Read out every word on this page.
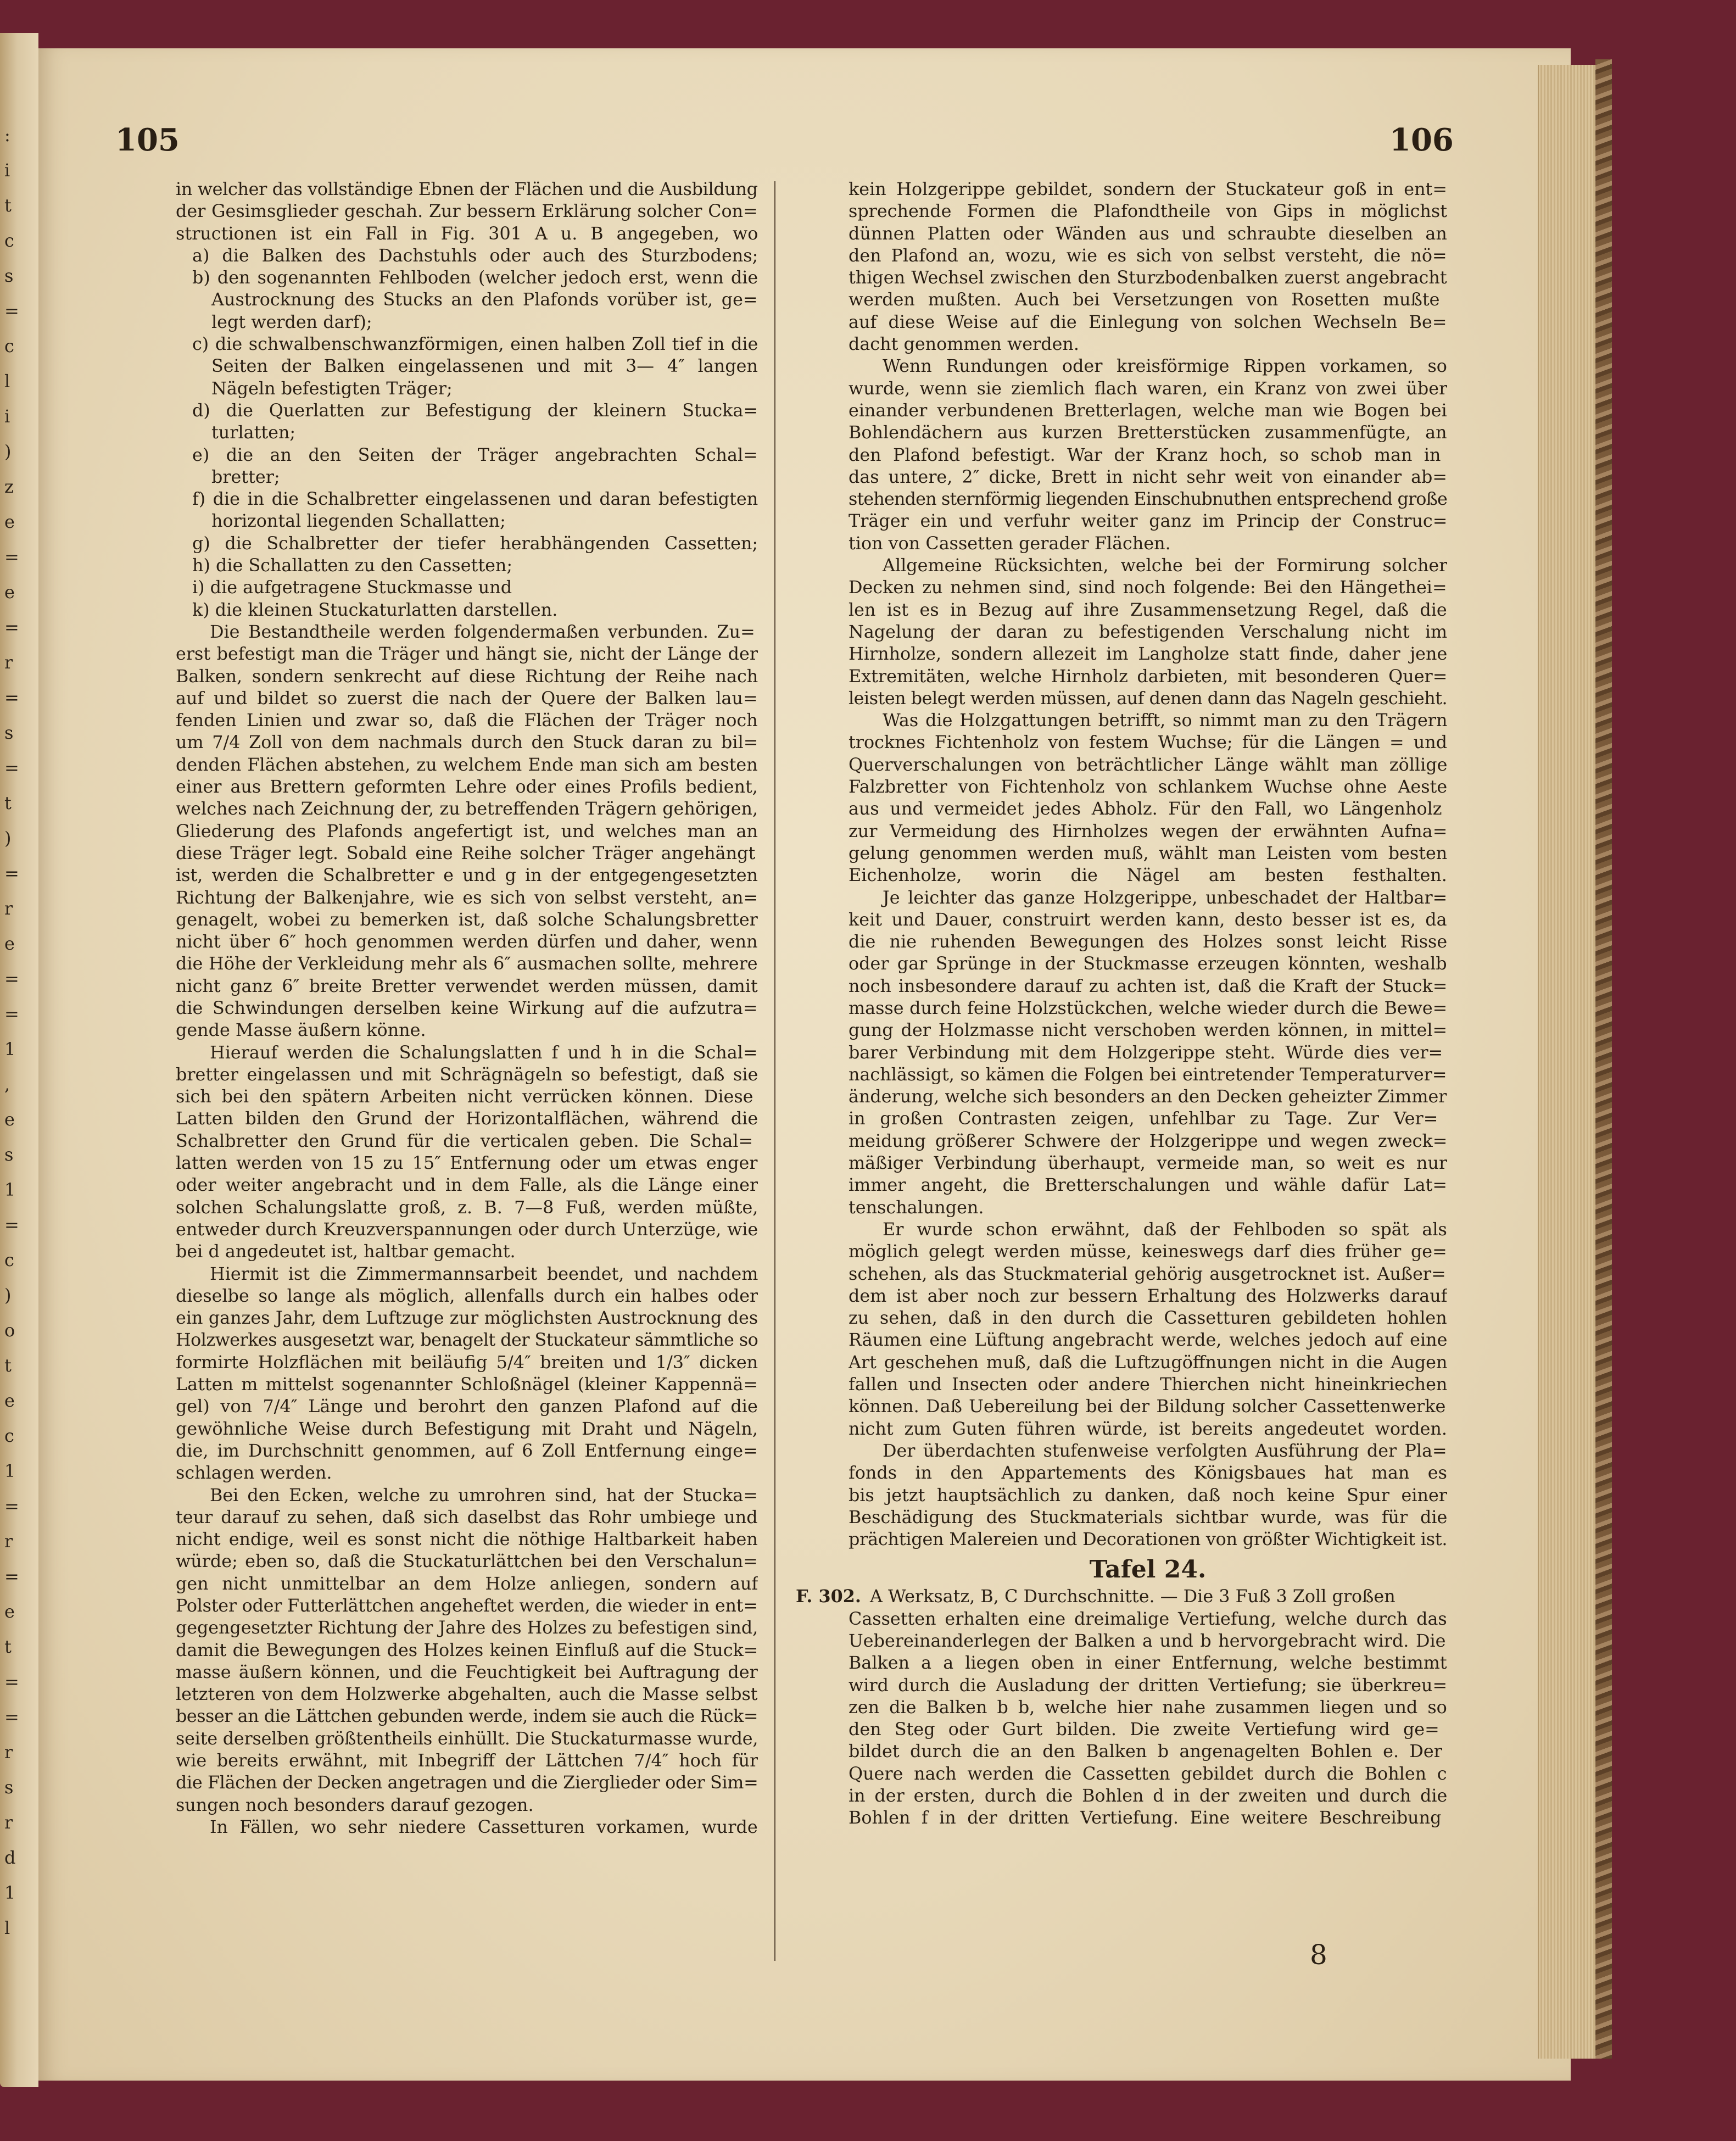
:
i
t
c
s
=
c
l
i
)
z
e
=
e
=
r
=
s
=
t
)
=
r
e
=
=
1
,
e
s
1
=
c
)
o
t
e
c
1
=
r
=
e
t
=
=
r
s
r
d
1
l
105	106
in welcher das vollständige Ebnen der Flächen und die Ausbildung
der Gesimsglieder geschah. Zur bessern Erklärung solcher Con=
structionen ist ein Fall in Fig. 301 A u. B angegeben, wo
a) die Balken des Dachstuhls oder auch des Sturzbodens;
b) den sogenannten Fehlboden (welcher jedoch erst, wenn die
Austrocknung des Stucks an den Plafonds vorüber ist, ge=
legt werden darf);
c) die schwalbenschwanzförmigen, einen halben Zoll tief in die
Seiten der Balken eingelassenen und mit 3— 4″ langen
Nägeln befestigten Träger;
d) die Querlatten zur Befestigung der kleinern Stucka=
turlatten;
e) die an den Seiten der Träger angebrachten Schal=
bretter;
f) die in die Schalbretter eingelassenen und daran befestigten
horizontal liegenden Schallatten;
g) die Schalbretter der tiefer herabhängenden Cassetten;
h) die Schallatten zu den Cassetten;
i) die aufgetragene Stuckmasse und
k) die kleinen Stuckaturlatten darstellen.
Die Bestandtheile werden folgendermaßen verbunden. Zu=
erst befestigt man die Träger und hängt sie, nicht der Länge der
Balken, sondern senkrecht auf diese Richtung der Reihe nach
auf und bildet so zuerst die nach der Quere der Balken lau=
fenden Linien und zwar so, daß die Flächen der Träger noch
um 7/4 Zoll von dem nachmals durch den Stuck daran zu bil=
denden Flächen abstehen, zu welchem Ende man sich am besten
einer aus Brettern geformten Lehre oder eines Profils bedient,
welches nach Zeichnung der, zu betreffenden Trägern gehörigen,
Gliederung des Plafonds angefertigt ist, und welches man an
diese Träger legt. Sobald eine Reihe solcher Träger angehängt
ist, werden die Schalbretter e und g in der entgegengesetzten
Richtung der Balkenjahre, wie es sich von selbst versteht, an=
genagelt, wobei zu bemerken ist, daß solche Schalungsbretter
nicht über 6″ hoch genommen werden dürfen und daher, wenn
die Höhe der Verkleidung mehr als 6″ ausmachen sollte, mehrere
nicht ganz 6″ breite Bretter verwendet werden müssen, damit
die Schwindungen derselben keine Wirkung auf die aufzutra=
gende Masse äußern könne.
Hierauf werden die Schalungslatten f und h in die Schal=
bretter eingelassen und mit Schrägnägeln so befestigt, daß sie
sich bei den spätern Arbeiten nicht verrücken können. Diese
Latten bilden den Grund der Horizontalflächen, während die
Schalbretter den Grund für die verticalen geben. Die Schal=
latten werden von 15 zu 15″ Entfernung oder um etwas enger
oder weiter angebracht und in dem Falle, als die Länge einer
solchen Schalungslatte groß, z. B. 7—8 Fuß, werden müßte,
entweder durch Kreuzverspannungen oder durch Unterzüge, wie
bei d angedeutet ist, haltbar gemacht.
Hiermit ist die Zimmermannsarbeit beendet, und nachdem
dieselbe so lange als möglich, allenfalls durch ein halbes oder
ein ganzes Jahr, dem Luftzuge zur möglichsten Austrocknung des
Holzwerkes ausgesetzt war, benagelt der Stuckateur sämmtliche so
formirte Holzflächen mit beiläufig 5/4″ breiten und 1/3″ dicken
Latten m mittelst sogenannter Schloßnägel (kleiner Kappennä=
gel) von 7/4″ Länge und berohrt den ganzen Plafond auf die
gewöhnliche Weise durch Befestigung mit Draht und Nägeln,
die, im Durchschnitt genommen, auf 6 Zoll Entfernung einge=
schlagen werden.
Bei den Ecken, welche zu umrohren sind, hat der Stucka=
teur darauf zu sehen, daß sich daselbst das Rohr umbiege und
nicht endige, weil es sonst nicht die nöthige Haltbarkeit haben
würde; eben so, daß die Stuckaturlättchen bei den Verschalun=
gen nicht unmittelbar an dem Holze anliegen, sondern auf
Polster oder Futterlättchen angeheftet werden, die wieder in ent=
gegengesetzter Richtung der Jahre des Holzes zu befestigen sind,
damit die Bewegungen des Holzes keinen Einfluß auf die Stuck=
masse äußern können, und die Feuchtigkeit bei Auftragung der
letzteren von dem Holzwerke abgehalten, auch die Masse selbst
besser an die Lättchen gebunden werde, indem sie auch die Rück=
seite derselben größtentheils einhüllt. Die Stuckaturmasse wurde,
wie bereits erwähnt, mit Inbegriff der Lättchen 7/4″ hoch für
die Flächen der Decken angetragen und die Zierglieder oder Sim=
sungen noch besonders darauf gezogen.
In Fällen, wo sehr niedere Cassetturen vorkamen, wurde
kein Holzgerippe gebildet, sondern der Stuckateur goß in ent=
sprechende Formen die Plafondtheile von Gips in möglichst
dünnen Platten oder Wänden aus und schraubte dieselben an
den Plafond an, wozu, wie es sich von selbst versteht, die nö=
thigen Wechsel zwischen den Sturzbodenbalken zuerst angebracht
werden mußten. Auch bei Versetzungen von Rosetten mußte
auf diese Weise auf die Einlegung von solchen Wechseln Be=
dacht genommen werden.
Wenn Rundungen oder kreisförmige Rippen vorkamen, so
wurde, wenn sie ziemlich flach waren, ein Kranz von zwei über
einander verbundenen Bretterlagen, welche man wie Bogen bei
Bohlendächern aus kurzen Bretterstücken zusammenfügte, an
den Plafond befestigt. War der Kranz hoch, so schob man in
das untere, 2″ dicke, Brett in nicht sehr weit von einander ab=
stehenden sternförmig liegenden Einschubnuthen entsprechend große
Träger ein und verfuhr weiter ganz im Princip der Construc=
tion von Cassetten gerader Flächen.
Allgemeine Rücksichten, welche bei der Formirung solcher
Decken zu nehmen sind, sind noch folgende: Bei den Hängethei=
len ist es in Bezug auf ihre Zusammensetzung Regel, daß die
Nagelung der daran zu befestigenden Verschalung nicht im
Hirnholze, sondern allezeit im Langholze statt finde, daher jene
Extremitäten, welche Hirnholz darbieten, mit besonderen Quer=
leisten belegt werden müssen, auf denen dann das Nageln geschieht.
Was die Holzgattungen betrifft, so nimmt man zu den Trägern
trocknes Fichtenholz von festem Wuchse; für die Längen = und
Querverschalungen von beträchtlicher Länge wählt man zöllige
Falzbretter von Fichtenholz von schlankem Wuchse ohne Aeste
aus und vermeidet jedes Abholz. Für den Fall, wo Längenholz
zur Vermeidung des Hirnholzes wegen der erwähnten Aufna=
gelung genommen werden muß, wählt man Leisten vom besten
Eichenholze, worin die Nägel am besten festhalten.
Je leichter das ganze Holzgerippe, unbeschadet der Haltbar=
keit und Dauer, construirt werden kann, desto besser ist es, da
die nie ruhenden Bewegungen des Holzes sonst leicht Risse
oder gar Sprünge in der Stuckmasse erzeugen könnten, weshalb
noch insbesondere darauf zu achten ist, daß die Kraft der Stuck=
masse durch feine Holzstückchen, welche wieder durch die Bewe=
gung der Holzmasse nicht verschoben werden können, in mittel=
barer Verbindung mit dem Holzgerippe steht. Würde dies ver=
nachlässigt, so kämen die Folgen bei eintretender Temperaturver=
änderung, welche sich besonders an den Decken geheizter Zimmer
in großen Contrasten zeigen, unfehlbar zu Tage. Zur Ver=
meidung größerer Schwere der Holzgerippe und wegen zweck=
mäßiger Verbindung überhaupt, vermeide man, so weit es nur
immer angeht, die Bretterschalungen und wähle dafür Lat=
tenschalungen.
Er wurde schon erwähnt, daß der Fehlboden so spät als
möglich gelegt werden müsse, keineswegs darf dies früher ge=
schehen, als das Stuckmaterial gehörig ausgetrocknet ist. Außer=
dem ist aber noch zur bessern Erhaltung des Holzwerks darauf
zu sehen, daß in den durch die Cassetturen gebildeten hohlen
Räumen eine Lüftung angebracht werde, welches jedoch auf eine
Art geschehen muß, daß die Luftzugöffnungen nicht in die Augen
fallen und Insecten oder andere Thierchen nicht hineinkriechen
können. Daß Uebereilung bei der Bildung solcher Cassettenwerke
nicht zum Guten führen würde, ist bereits angedeutet worden.
Der überdachten stufenweise verfolgten Ausführung der Pla=
fonds in den Appartements des Königsbaues hat man es
bis jetzt hauptsächlich zu danken, daß noch keine Spur einer
Beschädigung des Stuckmaterials sichtbar wurde, was für die
prächtigen Malereien und Decorationen von größter Wichtigkeit ist.
Tafel 24.
F. 302. A Werksatz, B, C Durchschnitte. — Die 3 Fuß 3 Zoll großen
Cassetten erhalten eine dreimalige Vertiefung, welche durch das
Uebereinanderlegen der Balken a und b hervorgebracht wird. Die
Balken a a liegen oben in einer Entfernung, welche bestimmt
wird durch die Ausladung der dritten Vertiefung; sie überkreu=
zen die Balken b b, welche hier nahe zusammen liegen und so
den Steg oder Gurt bilden. Die zweite Vertiefung wird ge=
bildet durch die an den Balken b angenagelten Bohlen e. Der
Quere nach werden die Cassetten gebildet durch die Bohlen c
in der ersten, durch die Bohlen d in der zweiten und durch die
Bohlen f in der dritten Vertiefung. Eine weitere Beschreibung
8
